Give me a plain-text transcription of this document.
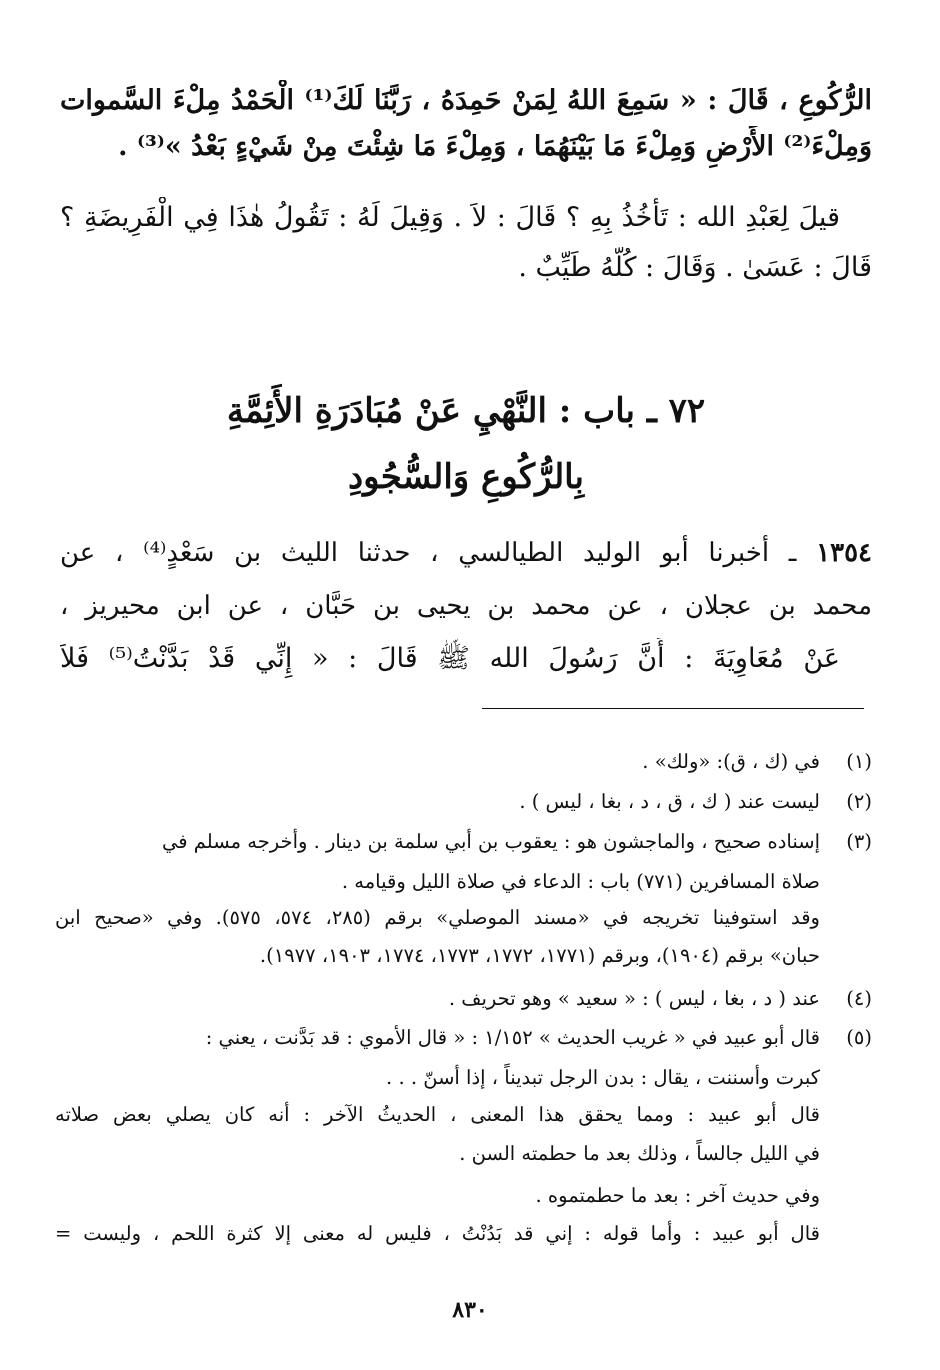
الرُّكُوعِ ، قَالَ : « سَمِعَ اللهُ لِمَنْ حَمِدَهُ ، رَبَّنَا لَكَ⁽¹⁾ الْحَمْدُ مِلْءَ السَّموات
وَمِلْءَ⁽²⁾ الأَرْضِ وَمِلْءَ مَا بَيْنَهُمَا ، وَمِلْءَ مَا شِئْتَ مِنْ شَيْءٍ بَعْدُ »⁽³⁾ .
قيلَ لِعَبْدِ الله : تَأْخُذُ بِهِ ؟ قَالَ : لاَ . وَقِيلَ لَهُ : تَقُولُ هٰذَا فِي الْفَرِيضَةِ ؟
قَالَ : عَسَىٰ . وَقَالَ : كُلُّهُ طَيِّبٌ .
٧٢ ـ باب : النَّهْيِ عَنْ مُبَادَرَةِ الأَئِمَّةِ
بِالرُّكُوعِ وَالسُّجُودِ
١٣٥٤ ـ أخبرنا أبو الوليد الطيالسي ، حدثنا الليث بن سَعْدٍ⁽⁴⁾ ، عن
محمد بن عجلان ، عن محمد بن يحيى بن حَبَّان ، عن ابن محيريز ،
عَنْ مُعَاوِيَةَ : أَنَّ رَسُولَ الله ﷺ قَالَ : « إِنِّي قَدْ بَدَّنْتُ⁽⁵⁾ فَلاَ
(١)في (ك ، ق): «ولك» .
(٢)ليست عند ( ك ، ق ، د ، بغا ، ليس ) .
(٣)إسناده صحيح ، والماجشون هو : يعقوب بن أبي سلمة بن دينار . وأخرجه مسلم في
صلاة المسافرين (٧٧١) باب : الدعاء في صلاة الليل وقيامه .
وقد استوفينا تخريجه في «مسند الموصلي» برقم (٢٨٥، ٥٧٤، ٥٧٥). وفي «صحيح ابن
حبان» برقم (١٩٠٤)، وبرقم (١٧٧١، ١٧٧٢، ١٧٧٣، ١٧٧٤، ١٩٠٣، ١٩٧٧).
(٤)عند ( د ، بغا ، ليس ) : « سعيد » وهو تحريف .
(٥)قال أبو عبيد في « غريب الحديث » ١/١٥٢ : « قال الأموي : قد بَدَّنت ، يعني :
كبرت وأسننت ، يقال : بدن الرجل تبديناً ، إذا أسنّ . . .
قال أبو عبيد : ومما يحقق هذا المعنى ، الحديثُ الآخر : أنه كان يصلي بعض صلاته
في الليل جالساً ، وذلك بعد ما حطمته السن .
وفي حديث آخر : بعد ما حطمتموه .
قال أبو عبيد : وأما قوله : إني قد بَدُنْتُ ، فليس له معنى إلا كثرة اللحم ، وليست =
٨٣٠
